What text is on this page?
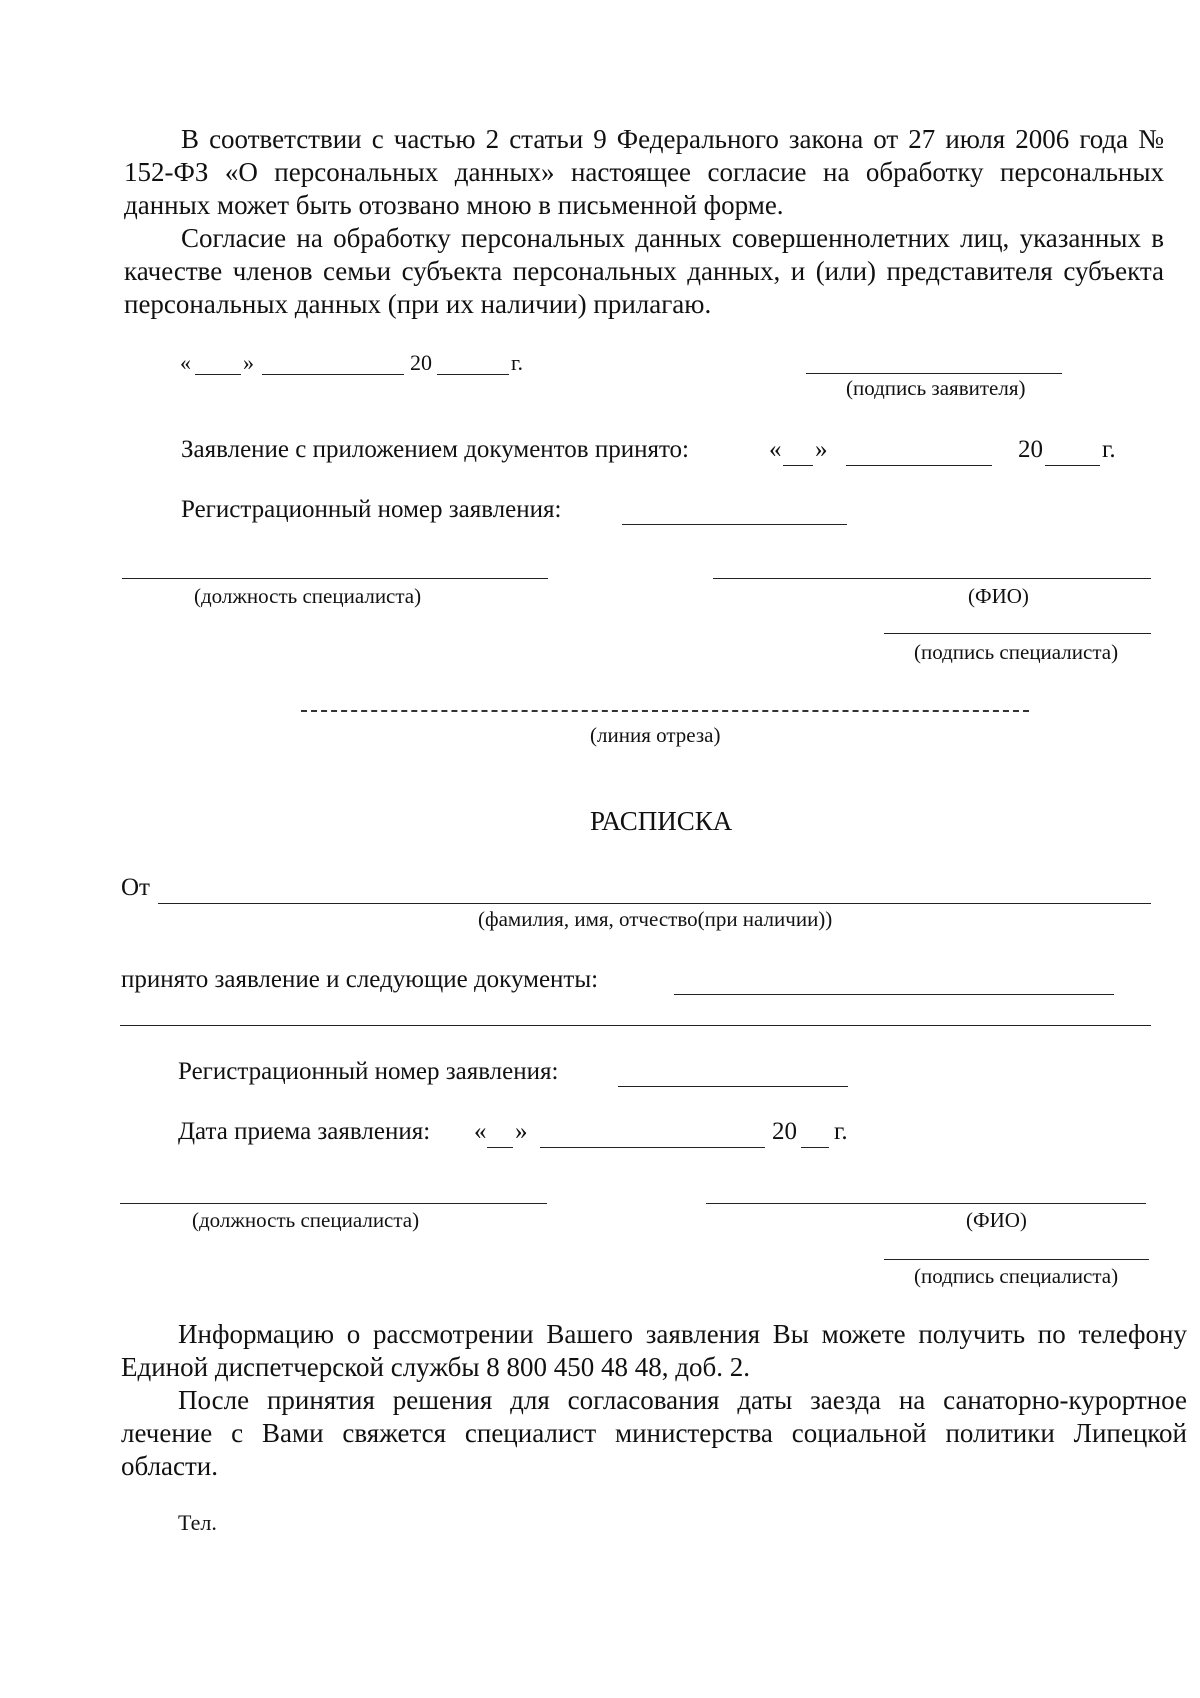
В соответствии с частью 2 статьи 9 Федерального закона от 27 июля 2006 года № 152-ФЗ «О персональных данных» настоящее согласие на обработку персональных данных может быть отозвано мною в письменной форме.
Согласие на обработку персональных данных совершеннолетних лиц, указанных в качестве членов семьи субъекта персональных данных, и (или) представителя субъекта персональных данных (при их наличии) прилагаю.
« »	20	г.
(подпись заявителя)
Заявление с приложением документов принято:	« »	20 г.
Регистрационный номер заявления:
(должность специалиста)	(ФИО)
(подпись специалиста)
(линия отреза)
РАСПИСКА
От
(фамилия, имя, отчество(при наличии))
принято заявление и следующие документы:
Регистрационный номер заявления:
Дата приема заявления: « »	20 г.
(должность специалиста)	(ФИО)
(подпись специалиста)
Информацию о рассмотрении Вашего заявления Вы можете получить по телефону Единой диспетчерской службы 8 800 450 48 48, доб. 2.
После принятия решения для согласования даты заезда на санаторно-курортное лечение с Вами свяжется специалист министерства социальной политики Липецкой области.
Тел.
